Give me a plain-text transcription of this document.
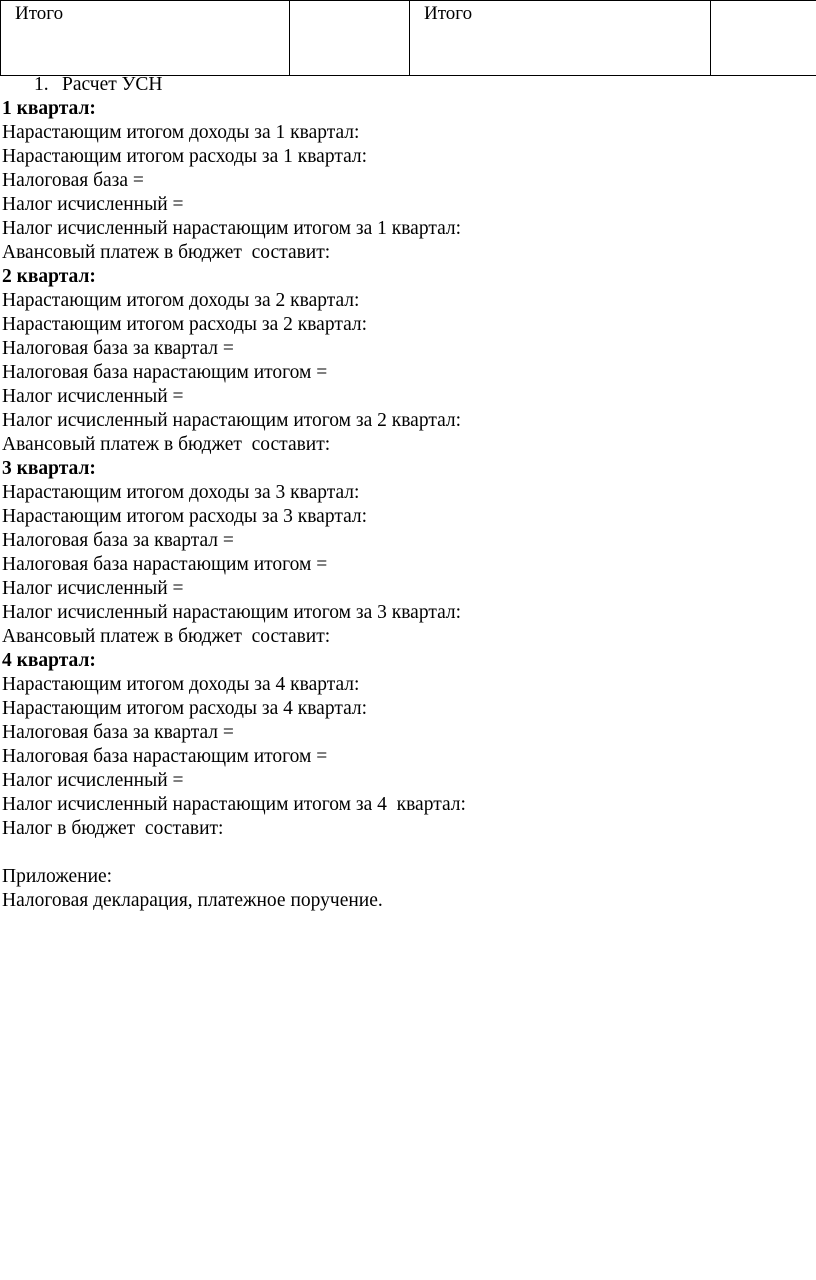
Итого		Итого	
1. Расчет УСН
1 квартал:
Нарастающим итогом доходы за 1 квартал:
Нарастающим итогом расходы за 1 квартал:
Налоговая база =
Налог исчисленный =
Налог исчисленный нарастающим итогом за 1 квартал:
Авансовый платеж в бюджет  составит:
2 квартал:
Нарастающим итогом доходы за 2 квартал:
Нарастающим итогом расходы за 2 квартал:
Налоговая база за квартал =
Налоговая база нарастающим итогом =
Налог исчисленный =
Налог исчисленный нарастающим итогом за 2 квартал:
Авансовый платеж в бюджет  составит:
3 квартал:
Нарастающим итогом доходы за 3 квартал:
Нарастающим итогом расходы за 3 квартал:
Налоговая база за квартал =
Налоговая база нарастающим итогом =
Налог исчисленный =
Налог исчисленный нарастающим итогом за 3 квартал:
Авансовый платеж в бюджет  составит:
4 квартал:
Нарастающим итогом доходы за 4 квартал:
Нарастающим итогом расходы за 4 квартал:
Налоговая база за квартал =
Налоговая база нарастающим итогом =
Налог исчисленный =
Налог исчисленный нарастающим итогом за 4  квартал:
Налог в бюджет  составит:
Приложение:
Налоговая декларация, платежное поручение.
